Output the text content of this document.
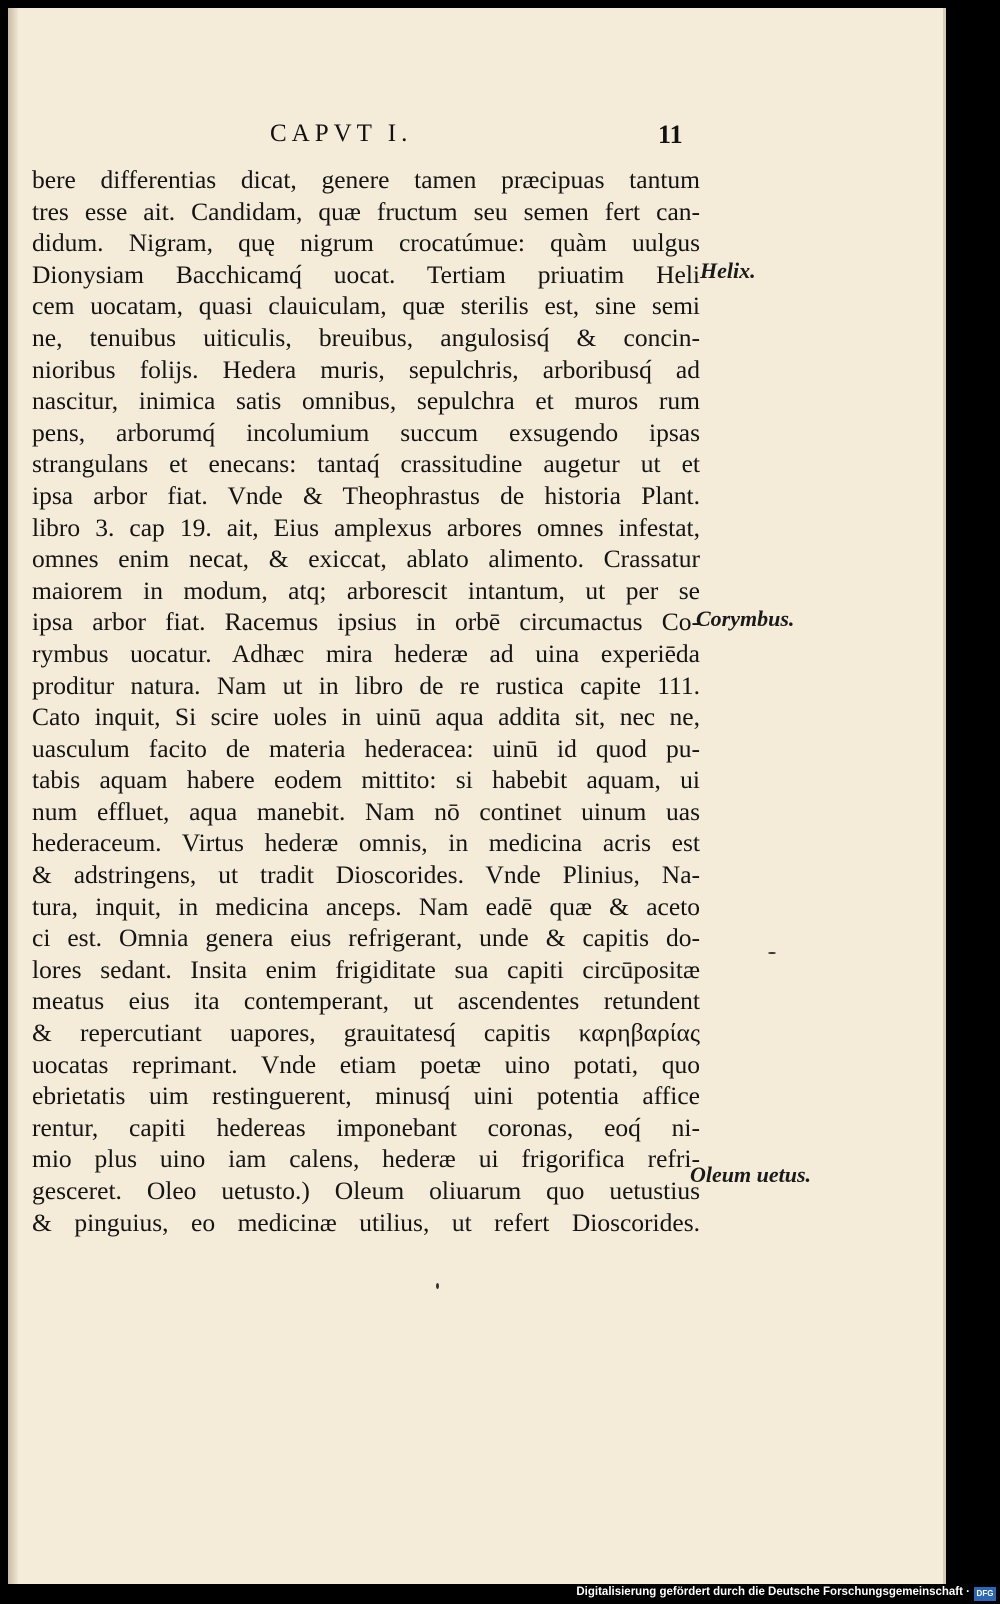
CAPVT I.	11
bere differentias dicat, genere tamen præcipuas tantum
tres esse ait. Candidam, quæ fructum seu semen fert can-
didum. Nigram, quę nigrum crocatúmue: quàm uulgus
Dionysiam Bacchicamq́ uocat. Tertiam priuatim Heli
cem uocatam, quasi clauiculam, quæ sterilis est, sine semi
ne, tenuibus uiticulis, breuibus, angulosisq́ & concin-
nioribus folijs. Hedera muris, sepulchris, arboribusq́ ad
nascitur, inimica satis omnibus, sepulchra et muros rum
pens, arborumq́ incolumium succum exsugendo ipsas
strangulans et enecans: tantaq́ crassitudine augetur ut et
ipsa arbor fiat. Vnde & Theophrastus de historia Plant.
libro 3. cap 19. ait, Eius amplexus arbores omnes infestat,
omnes enim necat, & exiccat, ablato alimento. Crassatur
maiorem in modum, atq; arborescit intantum, ut per se
ipsa arbor fiat. Racemus ipsius in orbē circumactus Co-
rymbus uocatur. Adhæc mira hederæ ad uina experiēda
proditur natura. Nam ut in libro de re rustica capite 111.
Cato inquit, Si scire uoles in uinū aqua addita sit, nec ne,
uasculum facito de materia hederacea: uinū id quod pu-
tabis aquam habere eodem mittito: si habebit aquam, ui
num effluet, aqua manebit. Nam nō continet uinum uas
hederaceum. Virtus hederæ omnis, in medicina acris est
& adstringens, ut tradit Dioscorides. Vnde Plinius, Na-
tura, inquit, in medicina anceps. Nam eadē quæ & aceto
ci est. Omnia genera eius refrigerant, unde & capitis do-
lores sedant. Insita enim frigiditate sua capiti circūpositæ
meatus eius ita contemperant, ut ascendentes retundent
& repercutiant uapores, grauitatesq́ capitis καρηβαρίας
uocatas reprimant. Vnde etiam poetæ uino potati, quo
ebrietatis uim restinguerent, minusq́ uini potentia affice
rentur, capiti hedereas imponebant coronas, eoq́ ni-
mio plus uino iam calens, hederæ ui frigorifica refri-
gesceret. Oleo uetusto.) Oleum oliuarum quo uetustius
& pinguius, eo medicinæ utilius, ut refert Dioscorides.
Helix.
Corymbus.
Oleum uetus.
Digitalisierung gefördert durch die Deutsche Forschungsgemeinschaft · DFG
